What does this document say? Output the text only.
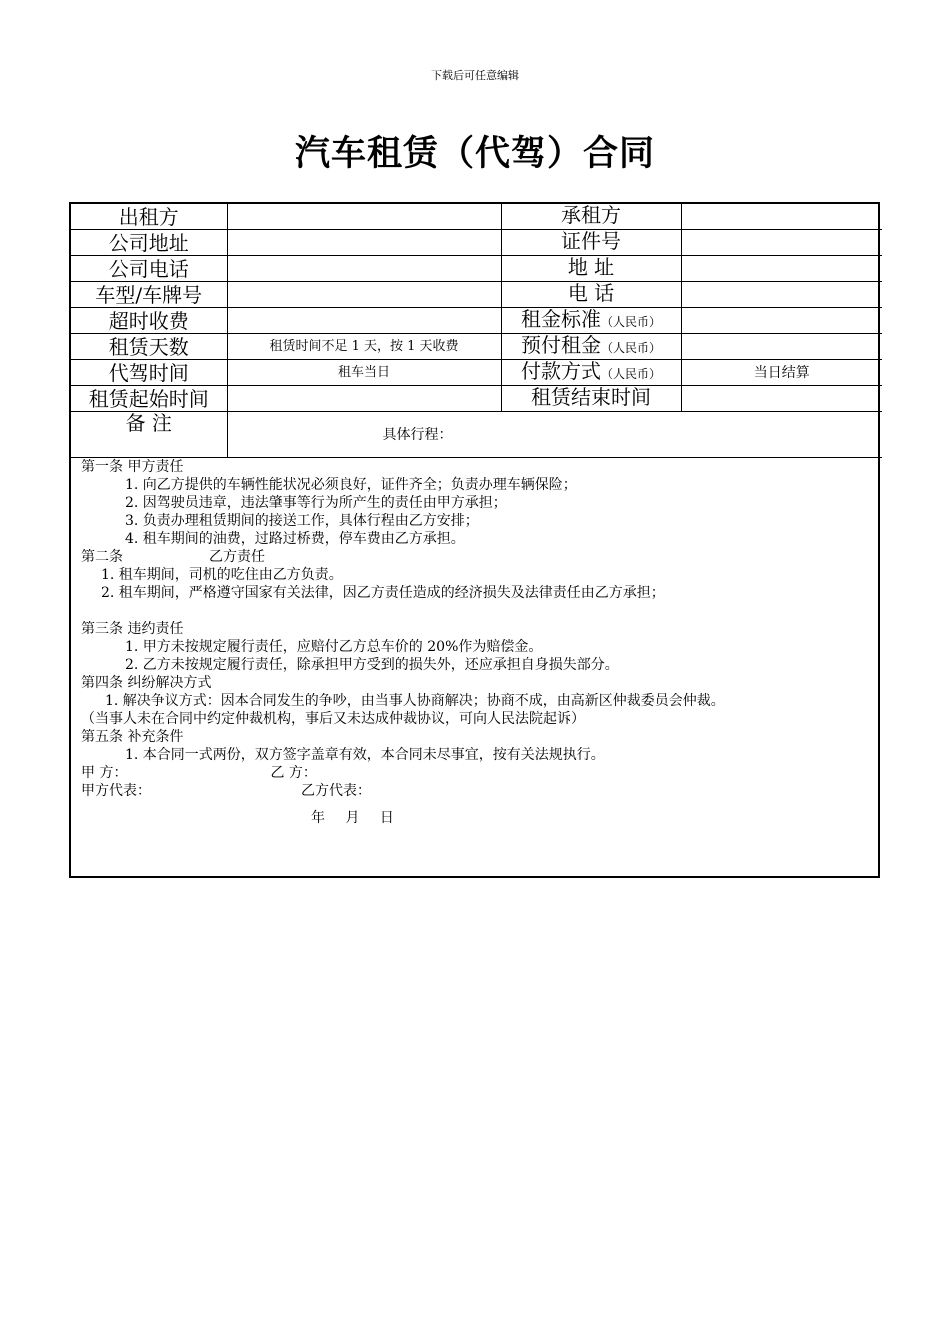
下载后可任意编辑
汽车租赁（代驾）合同
出租方		承租方	
公司地址		证件号	
公司电话		地 址	
车型/车牌号		电 话	
超时收费		租金标准（人民币）	
租赁天数	租赁时间不足 1 天，按 1 天收费	预付租金（人民币）	
代驾时间	租车当日	付款方式（人民币）	当日结算
租赁起始时间		租赁结束时间	
备 注	具体行程：		
第一条 甲方责任
1. 向乙方提供的车辆性能状况必须良好，证件齐全；负责办理车辆保险；
2. 因驾驶员违章，违法肇事等行为所产生的责任由甲方承担；
3. 负责办理租赁期间的接送工作，具体行程由乙方安排；
4. 租车期间的油费，过路过桥费，停车费由乙方承担。
第二条	乙方责任
1. 租车期间，司机的吃住由乙方负责。
2. 租车期间，严格遵守国家有关法律，因乙方责任造成的经济损失及法律责任由乙方承担；
第三条 违约责任
1. 甲方未按规定履行责任，应赔付乙方总车价的 20%作为赔偿金。
2. 乙方未按规定履行责任，除承担甲方受到的损失外，还应承担自身损失部分。
第四条 纠纷解决方式
1. 解决争议方式：因本合同发生的争吵，由当事人协商解决；协商不成，由高新区仲裁委员会仲裁。
（当事人未在合同中约定仲裁机构，事后又未达成仲裁协议，可向人民法院起诉）
第五条 补充条件
1. 本合同一式两份，双方签字盖章有效，本合同未尽事宜，按有关法规执行。
甲 方：	乙 方：
甲方代表：	乙方代表：
年 月 日
